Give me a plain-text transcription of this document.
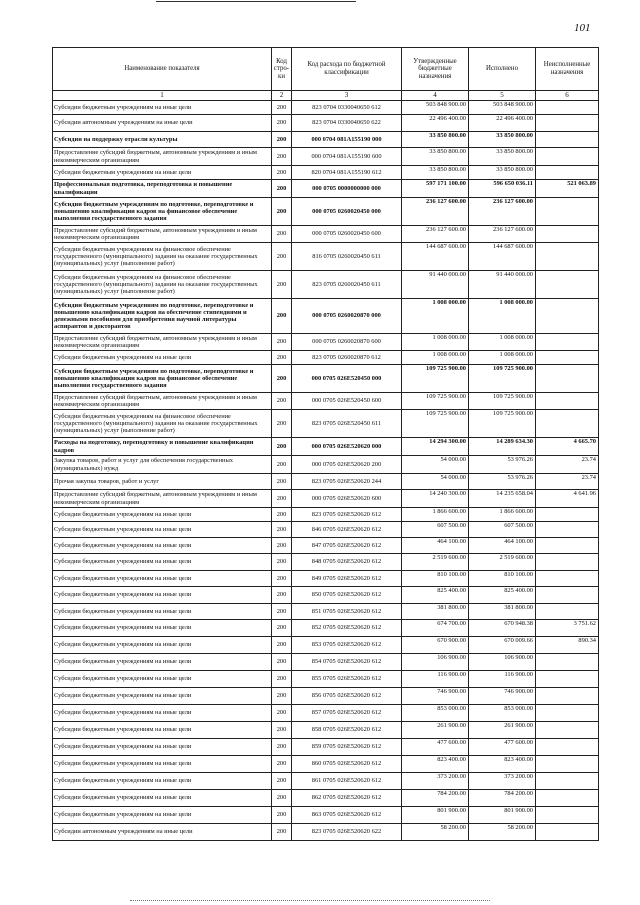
101
Наименование показателя	Код стро- ки	Код расхода по бюджетной классификации	Утвержденные бюджетные назначения	Исполнено	Неисполненные назначения
1	2	3	4	5	6
Субсидии бюджетным учреждениям на иные цели	200	823 0704 0330040650 612	503 848 900.00	503 848 900.00	
Субсидии автономным учреждениям на иные цели	200	823 0704 0330040650 622	22 496 400.00	22 496 400.00	
Субсидии на поддержку отрасли культуры	200	000 0704 081A155190 000	33 850 800.00	33 850 800.00	
Предоставление субсидий бюджетным, автономным учреждениям и иным некоммерческим организациям	200	000 0704 081A155190 600	33 850 800.00	33 850 800.00	
Субсидии бюджетным учреждениям на иные цели	200	820 0704 081A155190 612	33 850 800.00	33 850 800.00	
Профессиональная подготовка, переподготовка и повышение квалификации	200	000 0705 0000000000 000	597 171 100.00	596 650 036.11	521 063.89
Субсидии бюджетным учреждениям по подготовке, переподготовке и повышению квалификации кадров на финансовое обеспечение выполнения государственного задания	200	000 0705 0260020450 000	236 127 600.00	236 127 600.00	
Предоставление субсидий бюджетным, автономным учреждениям и иным некоммерческим организациям	200	000 0705 0260020450 600	236 127 600.00	236 127 600.00	
Субсидии бюджетным учреждениям на финансовое обеспечение государственного (муниципального) задания на оказание государственных (муниципальных) услуг (выполнение работ)	200	816 0705 0260020450 611	144 687 600.00	144 687 600.00	
Субсидии бюджетным учреждениям на финансовое обеспечение государственного (муниципального) задания на оказание государственных (муниципальных) услуг (выполнение работ)	200	823 0705 0260020450 611	91 440 000.00	91 440 000.00	
Субсидии бюджетным учреждениям по подготовке, переподготовке и повышению квалификации кадров на обеспечение стипендиями и денежными пособиями для приобретения научной литературы аспирантов и докторантов	200	000 0705 0260020870 000	1 008 000.00	1 008 000.00	
Предоставление субсидий бюджетным, автономным учреждениям и иным некоммерческим организациям	200	000 0705 0260020870 600	1 008 000.00	1 008 000.00	
Субсидии бюджетным учреждениям на иные цели	200	823 0705 0260020870 612	1 008 000.00	1 008 000.00	
Субсидии бюджетным учреждениям по подготовке, переподготовке и повышению квалификации кадров на финансовое обеспечение выполнения государственного задания	200	000 0705 026E520450 000	109 725 900.00	109 725 900.00	
Предоставление субсидий бюджетным, автономным учреждениям и иным некоммерческим организациям	200	000 0705 026E520450 600	109 725 900.00	109 725 900.00	
Субсидии бюджетным учреждениям на финансовое обеспечение государственного (муниципального) задания на оказание государственных (муниципальных) услуг (выполнение работ)	200	823 0705 026E520450 611	109 725 900.00	109 725 900.00	
Расходы на подготовку, переподготовку и повышение квалификации кадров	200	000 0705 026E520620 000	14 294 300.00	14 289 634.30	4 665.70
Закупка товаров, работ и услуг для обеспечения государственных (муниципальных) нужд	200	000 0705 026E520620 200	54 000.00	53 976.26	23.74
Прочая закупка товаров, работ и услуг	200	823 0705 026E520620 244	54 000.00	53 976.26	23.74
Предоставление субсидий бюджетным, автономным учреждениям и иным некоммерческим организациям	200	000 0705 026E520620 600	14 240 300.00	14 235 658.04	4 641.96
Субсидии бюджетным учреждениям на иные цели	200	823 0705 026E520620 612	1 866 600.00	1 866 600.00	
Субсидии бюджетным учреждениям на иные цели	200	846 0705 026E520620 612	607 500.00	607 500.00	
Субсидии бюджетным учреждениям на иные цели	200	847 0705 026E520620 612	464 100.00	464 100.00	
Субсидии бюджетным учреждениям на иные цели	200	848 0705 026E520620 612	2 519 600.00	2 519 600.00	
Субсидии бюджетным учреждениям на иные цели	200	849 0705 026E520620 612	810 100.00	810 100.00	
Субсидии бюджетным учреждениям на иные цели	200	850 0705 026E520620 612	825 400.00	825 400.00	
Субсидии бюджетным учреждениям на иные цели	200	851 0705 026E520620 612	381 800.00	381 800.00	
Субсидии бюджетным учреждениям на иные цели	200	852 0705 026E520620 612	674 700.00	670 948.38	3 751.62
Субсидии бюджетным учреждениям на иные цели	200	853 0705 026E520620 612	670 900.00	670 009.66	890.34
Субсидии бюджетным учреждениям на иные цели	200	854 0705 026E520620 612	106 900.00	106 900.00	
Субсидии бюджетным учреждениям на иные цели	200	855 0705 026E520620 612	116 900.00	116 900.00	
Субсидии бюджетным учреждениям на иные цели	200	856 0705 026E520620 612	746 900.00	746 900.00	
Субсидии бюджетным учреждениям на иные цели	200	857 0705 026E520620 612	853 000.00	853 000.00	
Субсидии бюджетным учреждениям на иные цели	200	858 0705 026E520620 612	261 900.00	261 900.00	
Субсидии бюджетным учреждениям на иные цели	200	859 0705 026E520620 612	477 600.00	477 600.00	
Субсидии бюджетным учреждениям на иные цели	200	860 0705 026E520620 612	823 400.00	823 400.00	
Субсидии бюджетным учреждениям на иные цели	200	861 0705 026E520620 612	373 200.00	373 200.00	
Субсидии бюджетным учреждениям на иные цели	200	862 0705 026E520620 612	784 200.00	784 200.00	
Субсидии бюджетным учреждениям на иные цели	200	863 0705 026E520620 612	801 900.00	801 900.00	
Субсидии автономным учреждениям на иные цели	200	823 0705 026E520620 622	58 200.00	58 200.00	
